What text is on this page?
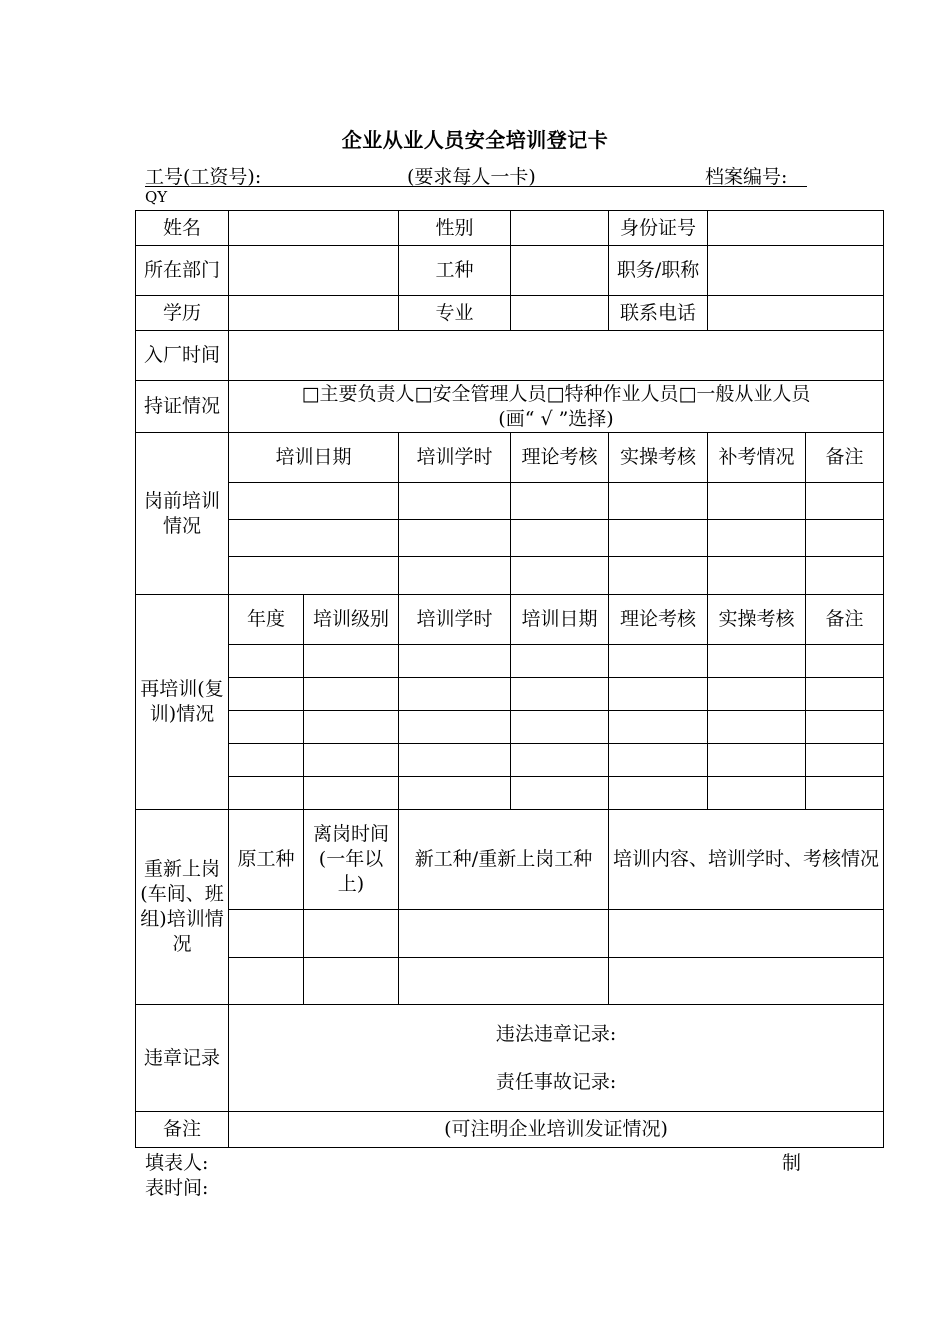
企业从业人员安全培训登记卡
工号(工资号):	(要求每人一卡)	档案编号:
QY
姓名			性别		身份证号		
所在部门			工种		职务/职称		
学历			专业		联系电话		
入厂时间							
持证情况	□主要负责人□安全管理人员□特种作业人员□一般从业人员
(画“ √ ”选择)						

岗前培训情况	培训日期		培训学时	理论考核	实操考核	补考情况	备注

再培训(复训)情况	年度	培训级别	培训学时	培训日期	理论考核	实操考核	备注

重新上岗(车间、班组)培训情况	原工种	离岗时间(一年以上)	新工种/重新上岗工种		培训内容、培训学时、考核情况		

违章记录	违法违章记录:
责任事故记录:						

备注	(可注明企业培训发证情况)						
填表人:	制
表时间:
